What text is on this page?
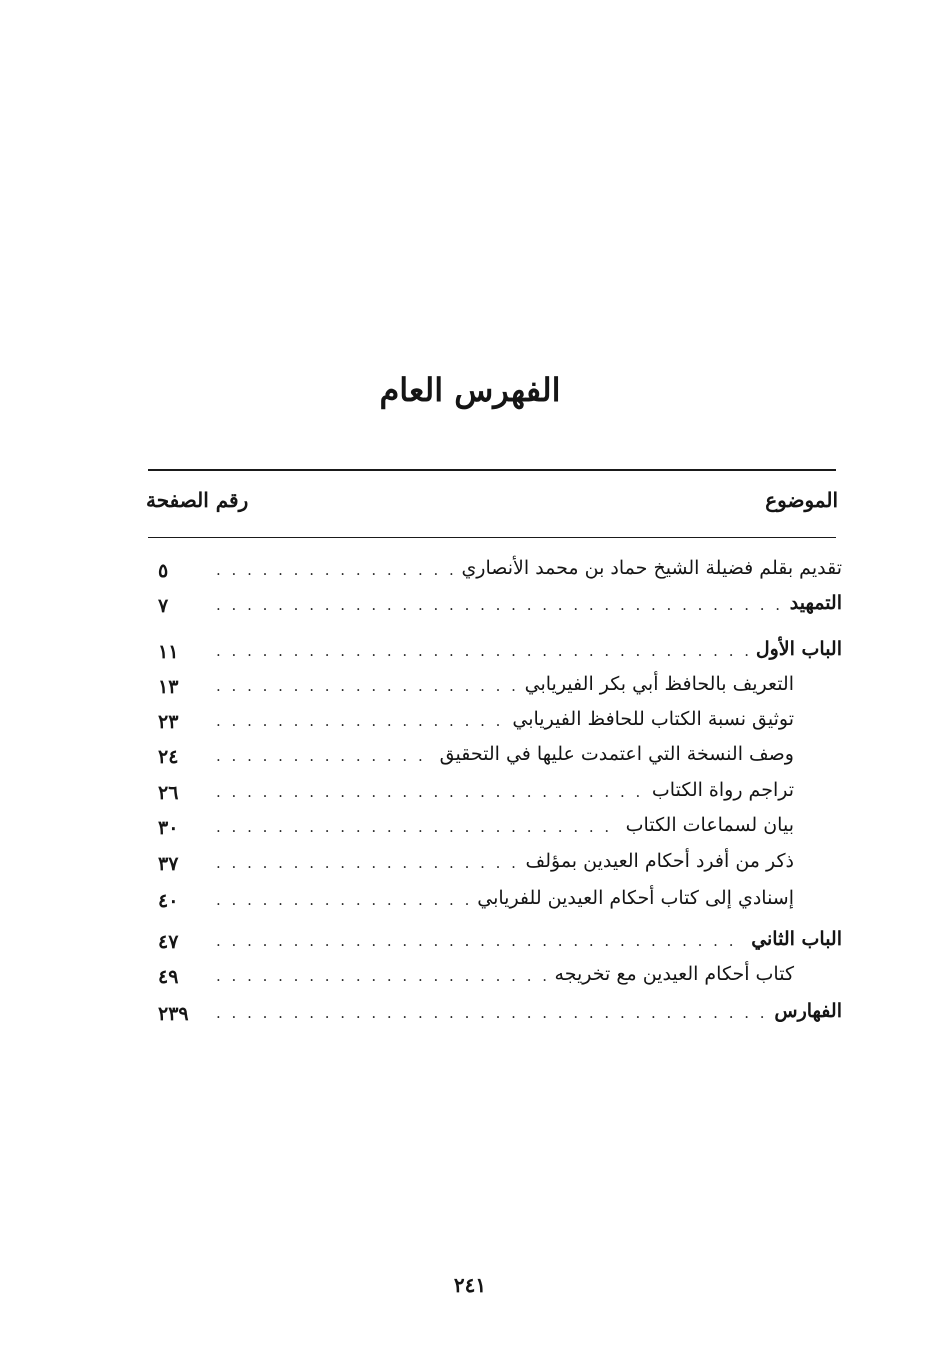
الفهرس العام
الموضوع
رقم الصفحة
تقديم بقلم فضيلة الشيخ حماد بن محمد الأنصاري
. . .
٥
التمهيد
. . .
٧
الباب الأول
. . .
١١
التعريف بالحافظ أبي بكر الفيريابي
. . .
١٣
توثيق نسبة الكتاب للحافظ الفيريابي
. . .
٢٣
وصف النسخة التي اعتمدت عليها في التحقيق
. . .
٢٤
تراجم رواة الكتاب
. . .
٢٦
بيان لسماعات الكتاب
. . .
٣٠
ذكر من أفرد أحكام العيدين بمؤلف
. . .
٣٧
إسنادي إلى كتاب أحكام العيدين للفريابي
. . .
٤٠
الباب الثاني
. . .
٤٧
كتاب أحكام العيدين مع تخريجه
. . .
٤٩
الفهارس
. . .
٢٣٩
٢٤١
